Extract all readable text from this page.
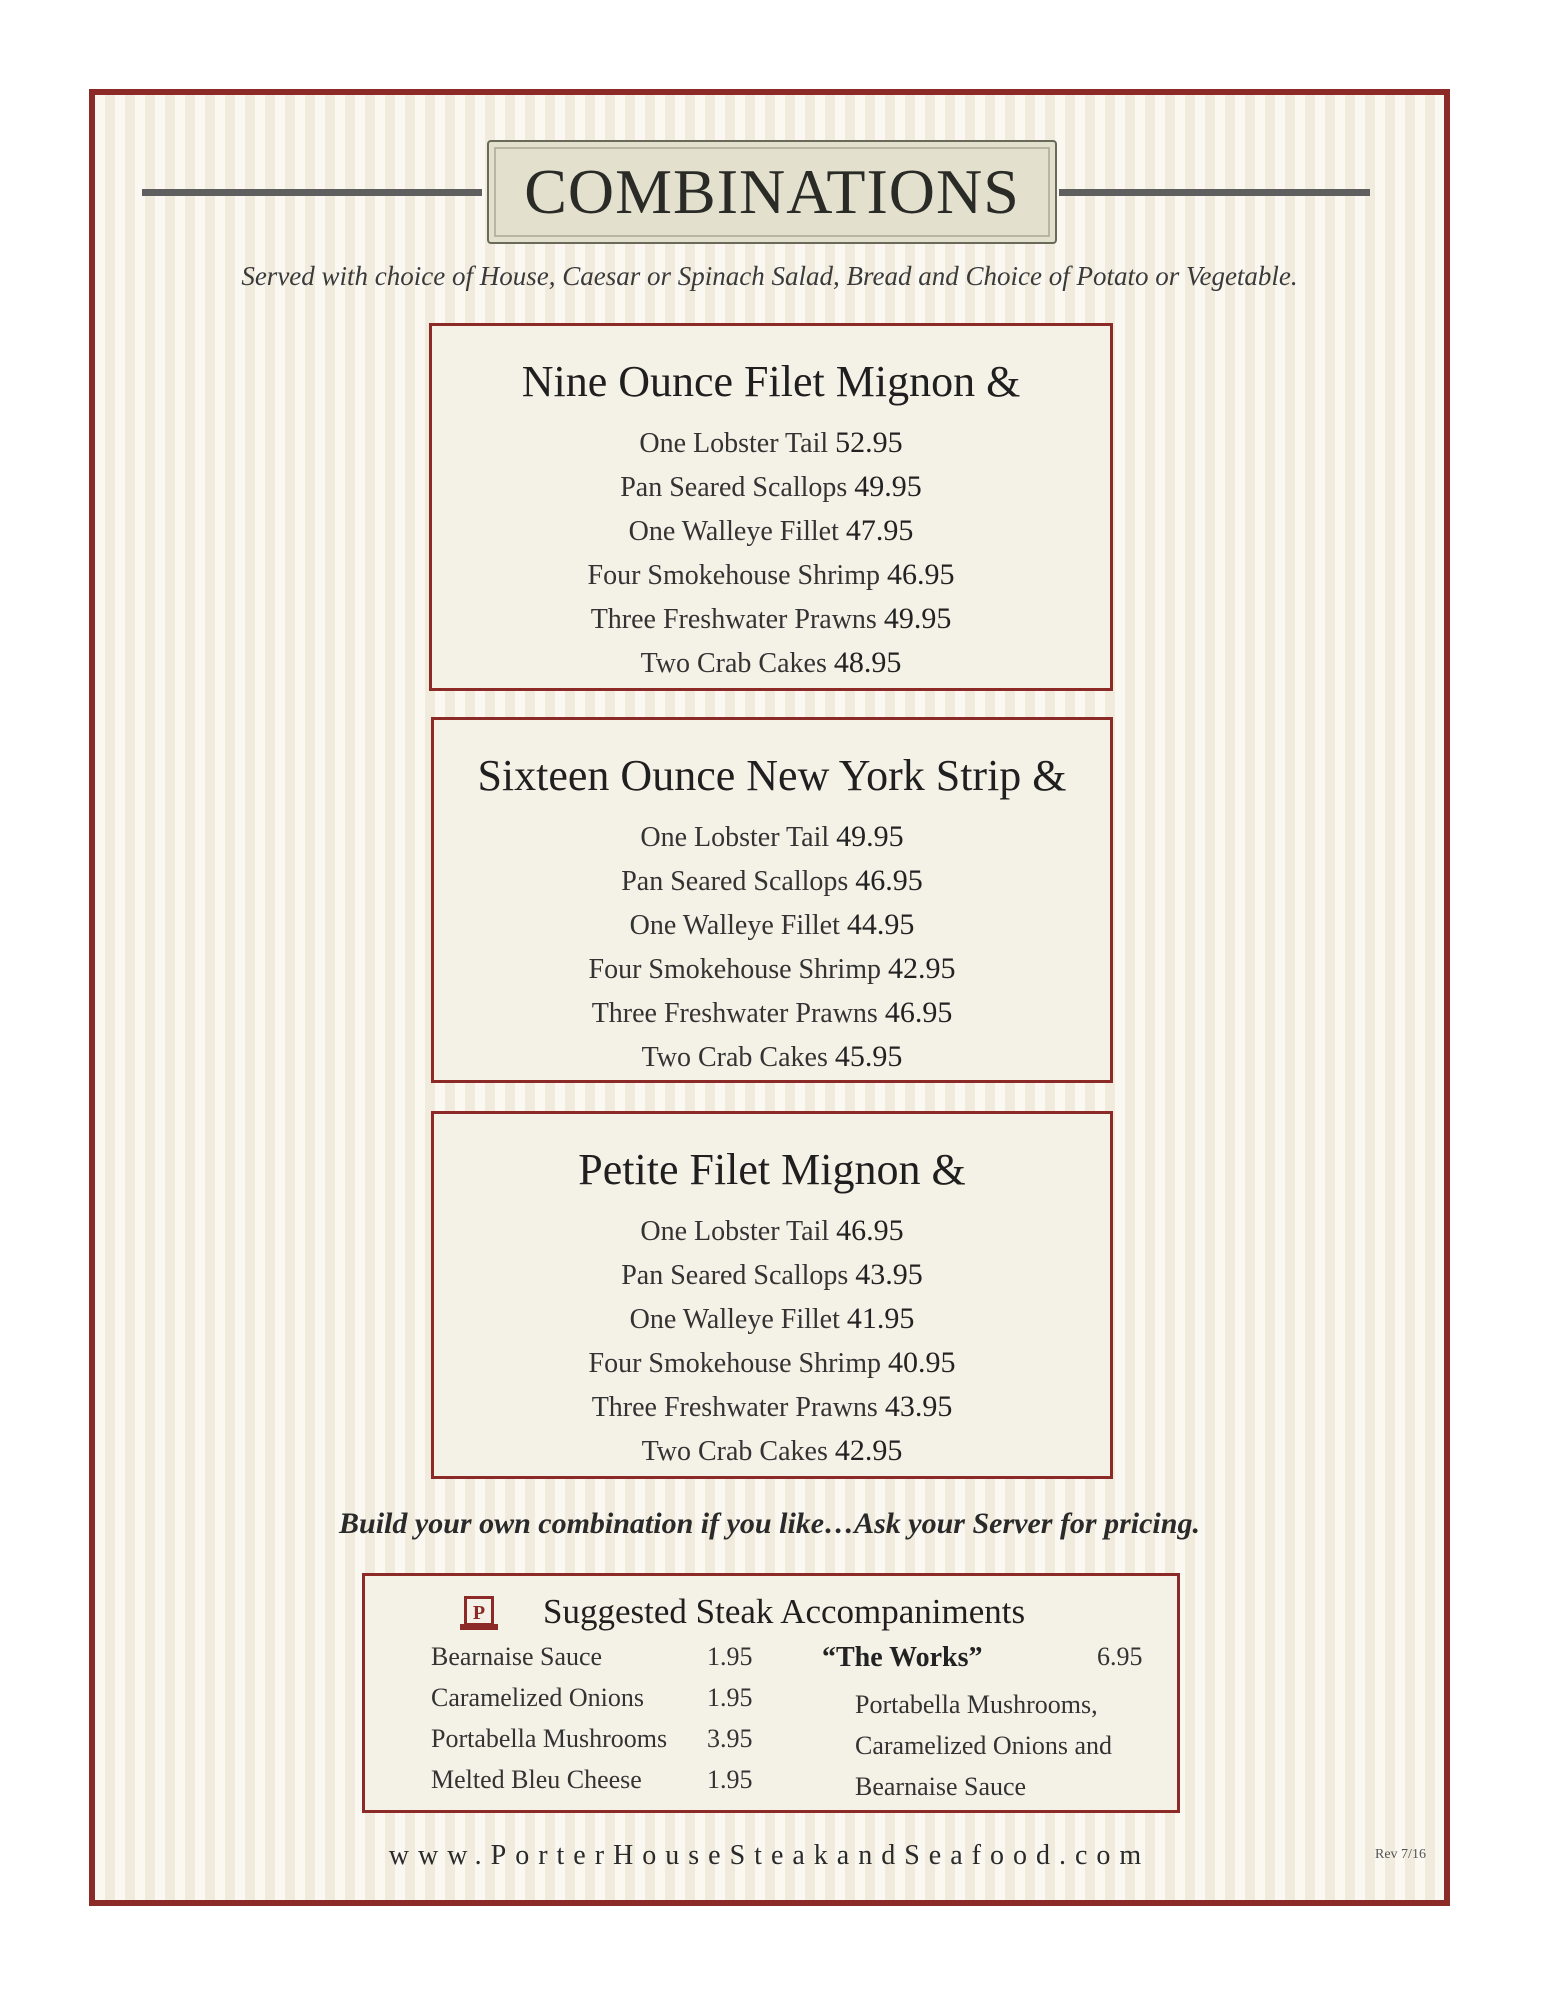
COMBINATIONS
Served with choice of House, Caesar or Spinach Salad, Bread and Choice of Potato or Vegetable.
Nine Ounce Filet Mignon &
One Lobster Tail 52.95
Pan Seared Scallops 49.95
One Walleye Fillet 47.95
Four Smokehouse Shrimp 46.95
Three Freshwater Prawns 49.95
Two Crab Cakes 48.95
Sixteen Ounce New York Strip &
One Lobster Tail 49.95
Pan Seared Scallops 46.95
One Walleye Fillet 44.95
Four Smokehouse Shrimp 42.95
Three Freshwater Prawns 46.95
Two Crab Cakes 45.95
Petite Filet Mignon &
One Lobster Tail 46.95
Pan Seared Scallops 43.95
One Walleye Fillet 41.95
Four Smokehouse Shrimp 40.95
Three Freshwater Prawns 43.95
Two Crab Cakes 42.95
Build your own combination if you like…Ask your Server for pricing.
P Suggested Steak Accompaniments
Bearnaise Sauce	1.95
Caramelized Onions 1.95
Portabella Mushrooms 3.95
Melted Bleu Cheese	1.95
“The Works”	6.95
Portabella Mushrooms,
Caramelized Onions and
Bearnaise Sauce
www.PorterHouseSteakandSeafood.com	Rev 7/16
